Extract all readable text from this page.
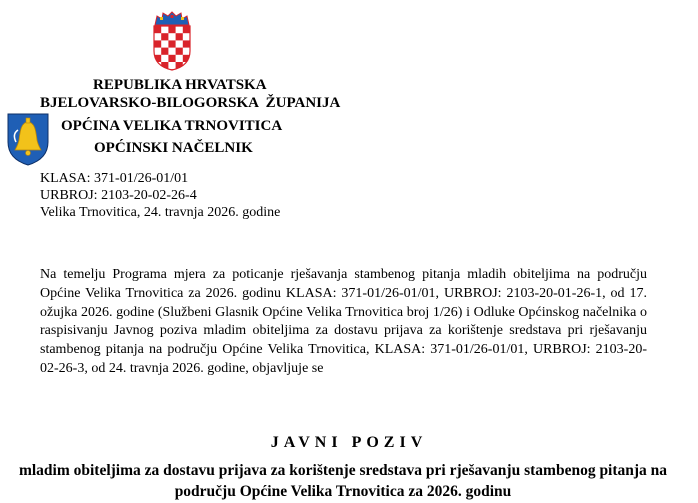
REPUBLIKA HRVATSKA
BJELOVARSKO-BILOGORSKA  ŽUPANIJA
OPĆINA VELIKA TRNOVITICA
OPĆINSKI NAČELNIK
KLASA: 371-01/26-01/01
URBROJ: 2103-20-02-26-4
Velika Trnovitica, 24. travnja 2026. godine
Na temelju Programa mjera za poticanje rješavanja stambenog pitanja mladih obiteljima na području Općine Velika Trnovitica za 2026. godinu KLASA: 371-01/26-01/01, URBROJ: 2103-20-01-26-1, od 17. ožujka 2026. godine (Službeni Glasnik Općine Velika Trnovitica broj 1/26) i Odluke Općinskog načelnika o raspisivanju Javnog poziva mladim obiteljima za dostavu prijava za korištenje sredstava pri rješavanju stambenog pitanja na području Općine Velika Trnovitica, KLASA: 371-01/26-01/01, URBROJ: 2103-20-02-26-3, od 24. travnja 2026. godine, objavljuje se
JAVNI POZIV
mladim obiteljima za dostavu prijava za korištenje sredstava pri rješavanju stambenog pitanja na području Općine Velika Trnovitica za 2026. godinu
